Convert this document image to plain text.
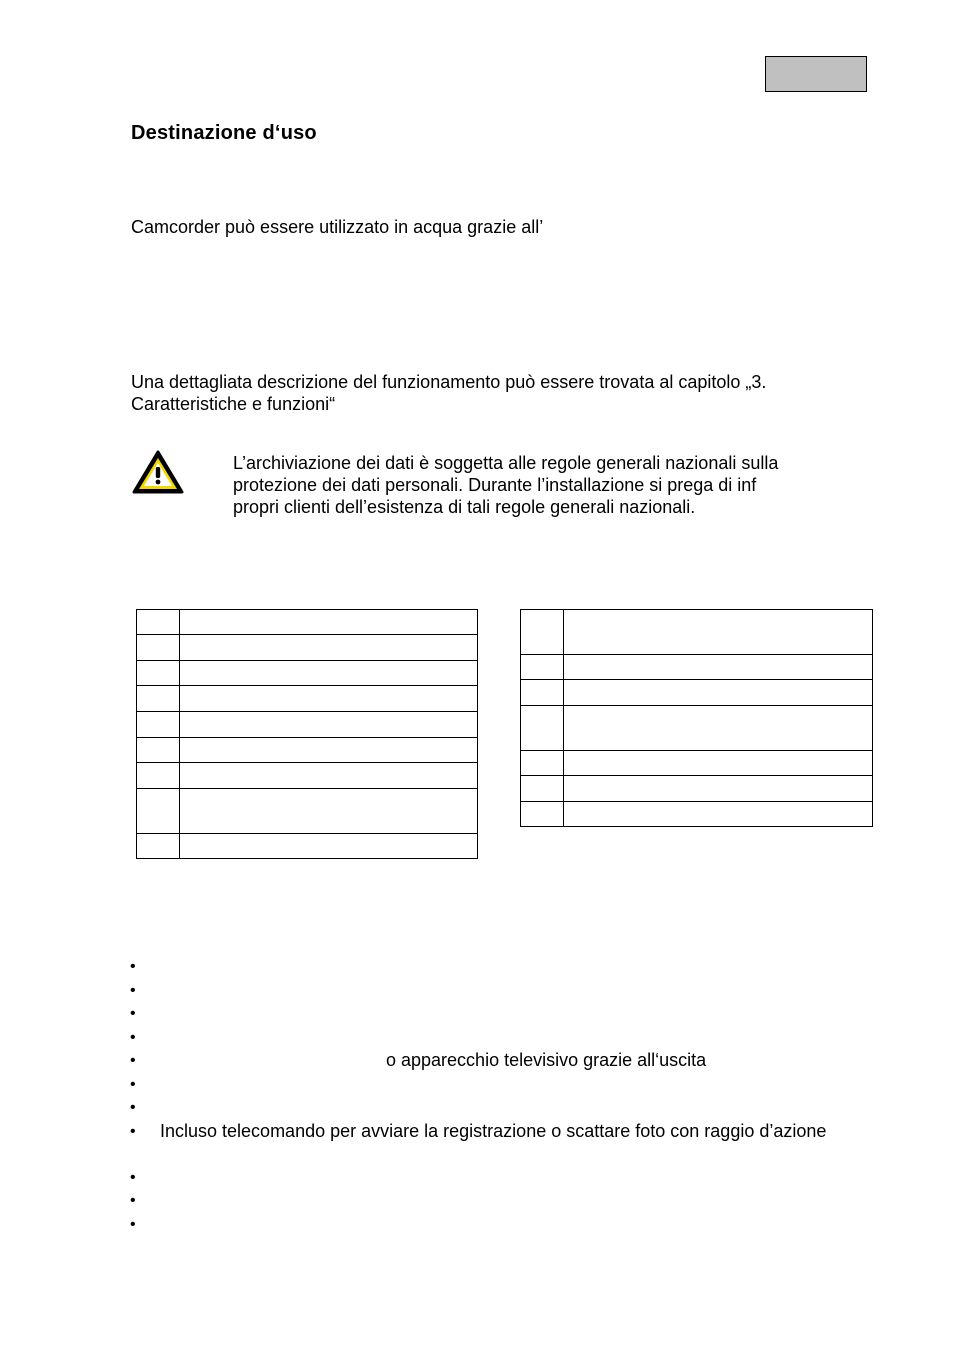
Destinazione d‘uso
Camcorder può essere utilizzato in acqua grazie all’
Una dettagliata descrizione del funzionamento può essere trovata al capitolo „3.
Caratteristiche e funzioni“
L’archiviazione dei dati è soggetta alle regole generali nazionali sulla
protezione dei dati personali. Durante l’installazione si prega di inf
propri clienti dell’esistenza di tali regole generali nazionali.

•
•
•
•
•	o apparecchio televisivo grazie all‘uscita
•
•
• Incluso telecomando per avviare la registrazione o scattare foto con raggio d’azione
•
•
•
